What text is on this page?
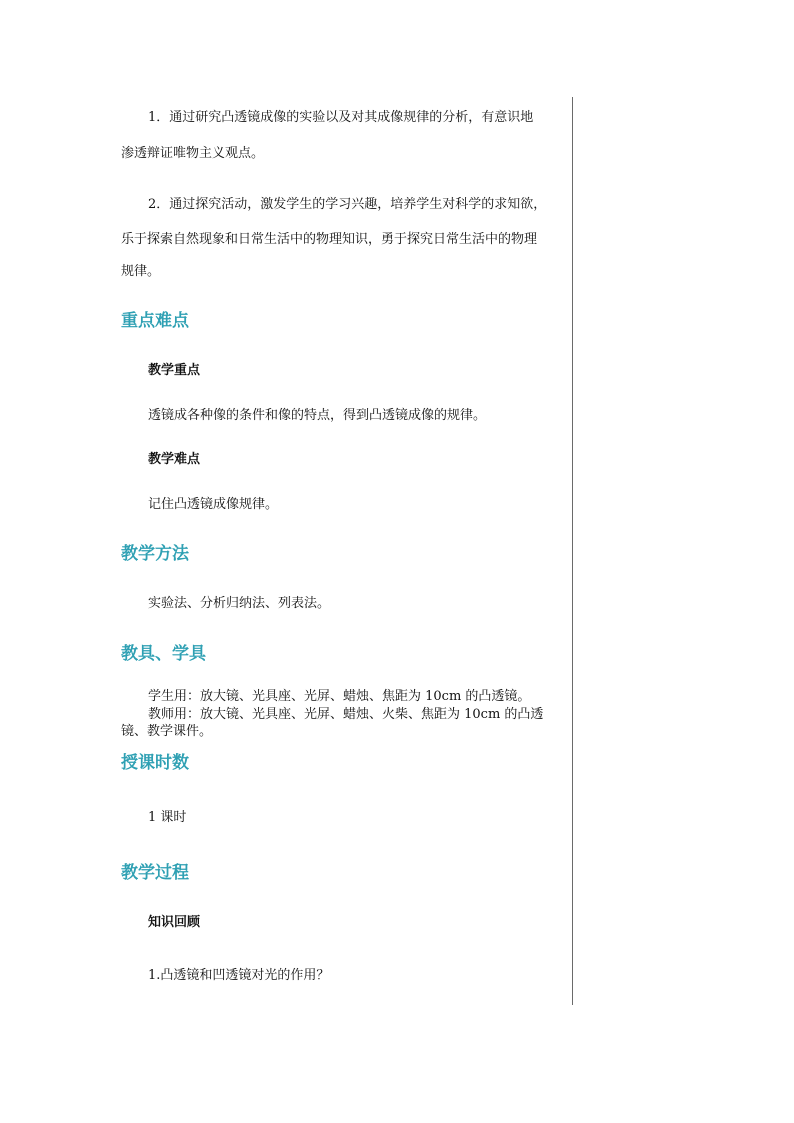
1．通过研究凸透镜成像的实验以及对其成像规律的分析，有意识地
渗透辩证唯物主义观点。
2．通过探究活动，激发学生的学习兴趣，培养学生对科学的求知欲，
乐于探索自然现象和日常生活中的物理知识，勇于探究日常生活中的物理
规律。
重点难点
教学重点
透镜成各种像的条件和像的特点，得到凸透镜成像的规律。
教学难点
记住凸透镜成像规律。
教学方法
实验法、分析归纳法、列表法。
教具、学具
学生用：放大镜、光具座、光屏、蜡烛、焦距为 10cm 的凸透镜。
教师用：放大镜、光具座、光屏、蜡烛、火柴、焦距为 10cm 的凸透
镜、教学课件。
授课时数
1 课时
教学过程
知识回顾
1.凸透镜和凹透镜对光的作用？
